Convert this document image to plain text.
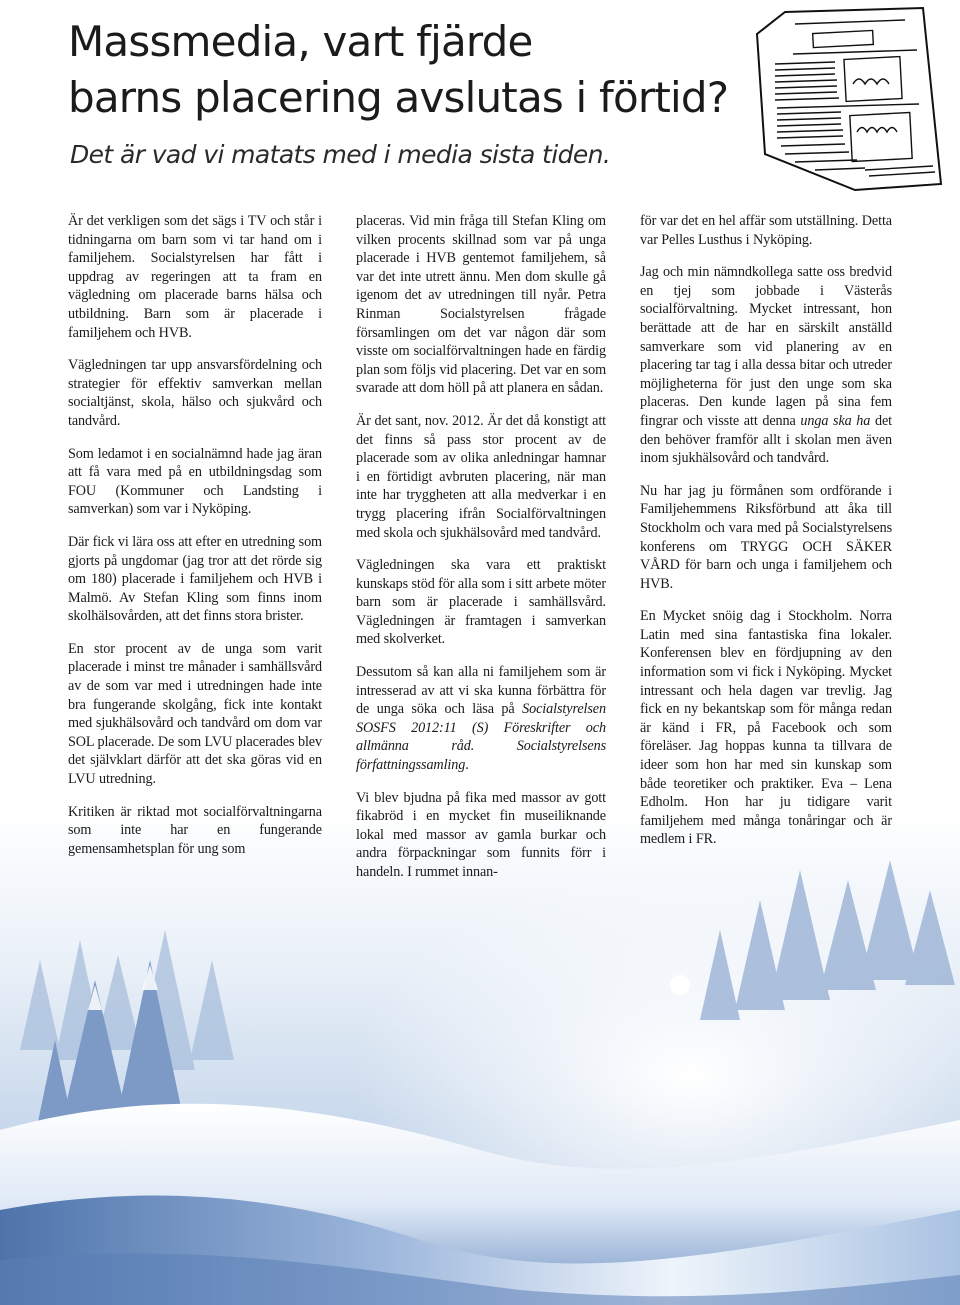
Massmedia, vart fjärde
barns placering avslutas i förtid?
Det är vad vi matats med i media sista tiden.

Är det verkligen som det sägs i TV och står i tidningarna om barn som vi tar hand om i familjehem. Socialstyrelsen har fått i uppdrag av regeringen att ta fram en vägledning om placerade barns hälsa och utbildning. Barn som är placerade i familjehem och HVB.

Vägledningen tar upp ansvarsfördelning och strategier för effektiv samverkan mellan socialtjänst, skola, hälso och sjukvård och tandvård.

Som ledamot i en socialnämnd hade jag äran att få vara med på en utbildningsdag som FOU (Kommuner och Landsting i samverkan) som var i Nyköping.

Där fick vi lära oss att efter en utredning som gjorts på ungdomar (jag tror att det rörde sig om 180) placerade i familjehem och HVB i Malmö. Av Stefan Kling som finns inom skolhälsovården, att det finns stora brister.

En stor procent av de unga som varit placerade i minst tre månader i samhällsvård av de som var med i utredningen hade inte bra fungerande skolgång, fick inte kontakt med sjukhälsovård och tandvård om dom var SOL placerade. De som LVU placerades blev det självklart därför att det ska göras vid en LVU utredning.

Kritiken är riktad mot socialförvaltningarna som inte har en fungerande gemensamhetsplan för ung som

placeras. Vid min fråga till Stefan Kling om vilken procents skillnad som var på unga placerade i HVB gentemot familjehem, så var det inte utrett ännu. Men dom skulle gå igenom det av utredningen till nyår. Petra Rinman Socialstyrelsen frågade församlingen om det var någon där som visste om socialförvaltningen hade en färdig plan som följs vid placering. Det var en som svarade att dom höll på att planera en sådan.

Är det sant, nov. 2012. Är det då konstigt att det finns så pass stor procent av de placerade som av olika anledningar hamnar i en förtidigt avbruten placering, när man inte har tryggheten att alla medverkar i en trygg placering ifrån Socialförvaltningen med skola och sjukhälsovård med tandvård.

Vägledningen ska vara ett praktiskt kunskaps stöd för alla som i sitt arbete möter barn som är placerade i samhällsvård. Vägledningen är framtagen i samverkan med skolverket.

Dessutom så kan alla ni familjehem som är intresserad av att vi ska kunna förbättra för de unga söka och läsa på Socialstyrelsen SOSFS 2012:11 (S) Föreskrifter och allmänna råd. Socialstyrelsens författningssamling.

Vi blev bjudna på fika med massor av gott fikabröd i en mycket fin museiliknande lokal med massor av gamla burkar och andra förpackningar som funnits förr i handeln. I rummet innan-

för var det en hel affär som utställning. Detta var Pelles Lusthus i Nyköping.

Jag och min nämndkollega satte oss bredvid en tjej som jobbade i Västerås socialförvaltning. Mycket intressant, hon berättade att de har en särskilt anställd samverkare som vid planering av en placering tar tag i alla dessa bitar och utreder möjligheterna för just den unge som ska placeras. Den kunde lagen på sina fem fingrar och visste att denna unga ska ha det den behöver framför allt i skolan men även inom sjukhälsovård och tandvård.

Nu har jag ju förmånen som ordförande i Familjehemmens Riksförbund att åka till Stockholm och vara med på Socialstyrelsens konferens om TRYGG OCH SÄKER VÅRD för barn och unga i familjehem och HVB.

En Mycket snöig dag i Stockholm. Norra Latin med sina fantastiska fina lokaler. Konferensen blev en fördjupning av den information som vi fick i Nyköping. Mycket intressant och hela dagen var trevlig. Jag fick en ny bekantskap som för många redan är känd i FR, på Facebook och som föreläser. Jag hoppas kunna ta tillvara de ideer som hon har med sin kunskap som både teoretiker och praktiker. Eva – Lena Edholm. Hon har ju tidigare varit familjehem med många tonåringar och är medlem i FR.
